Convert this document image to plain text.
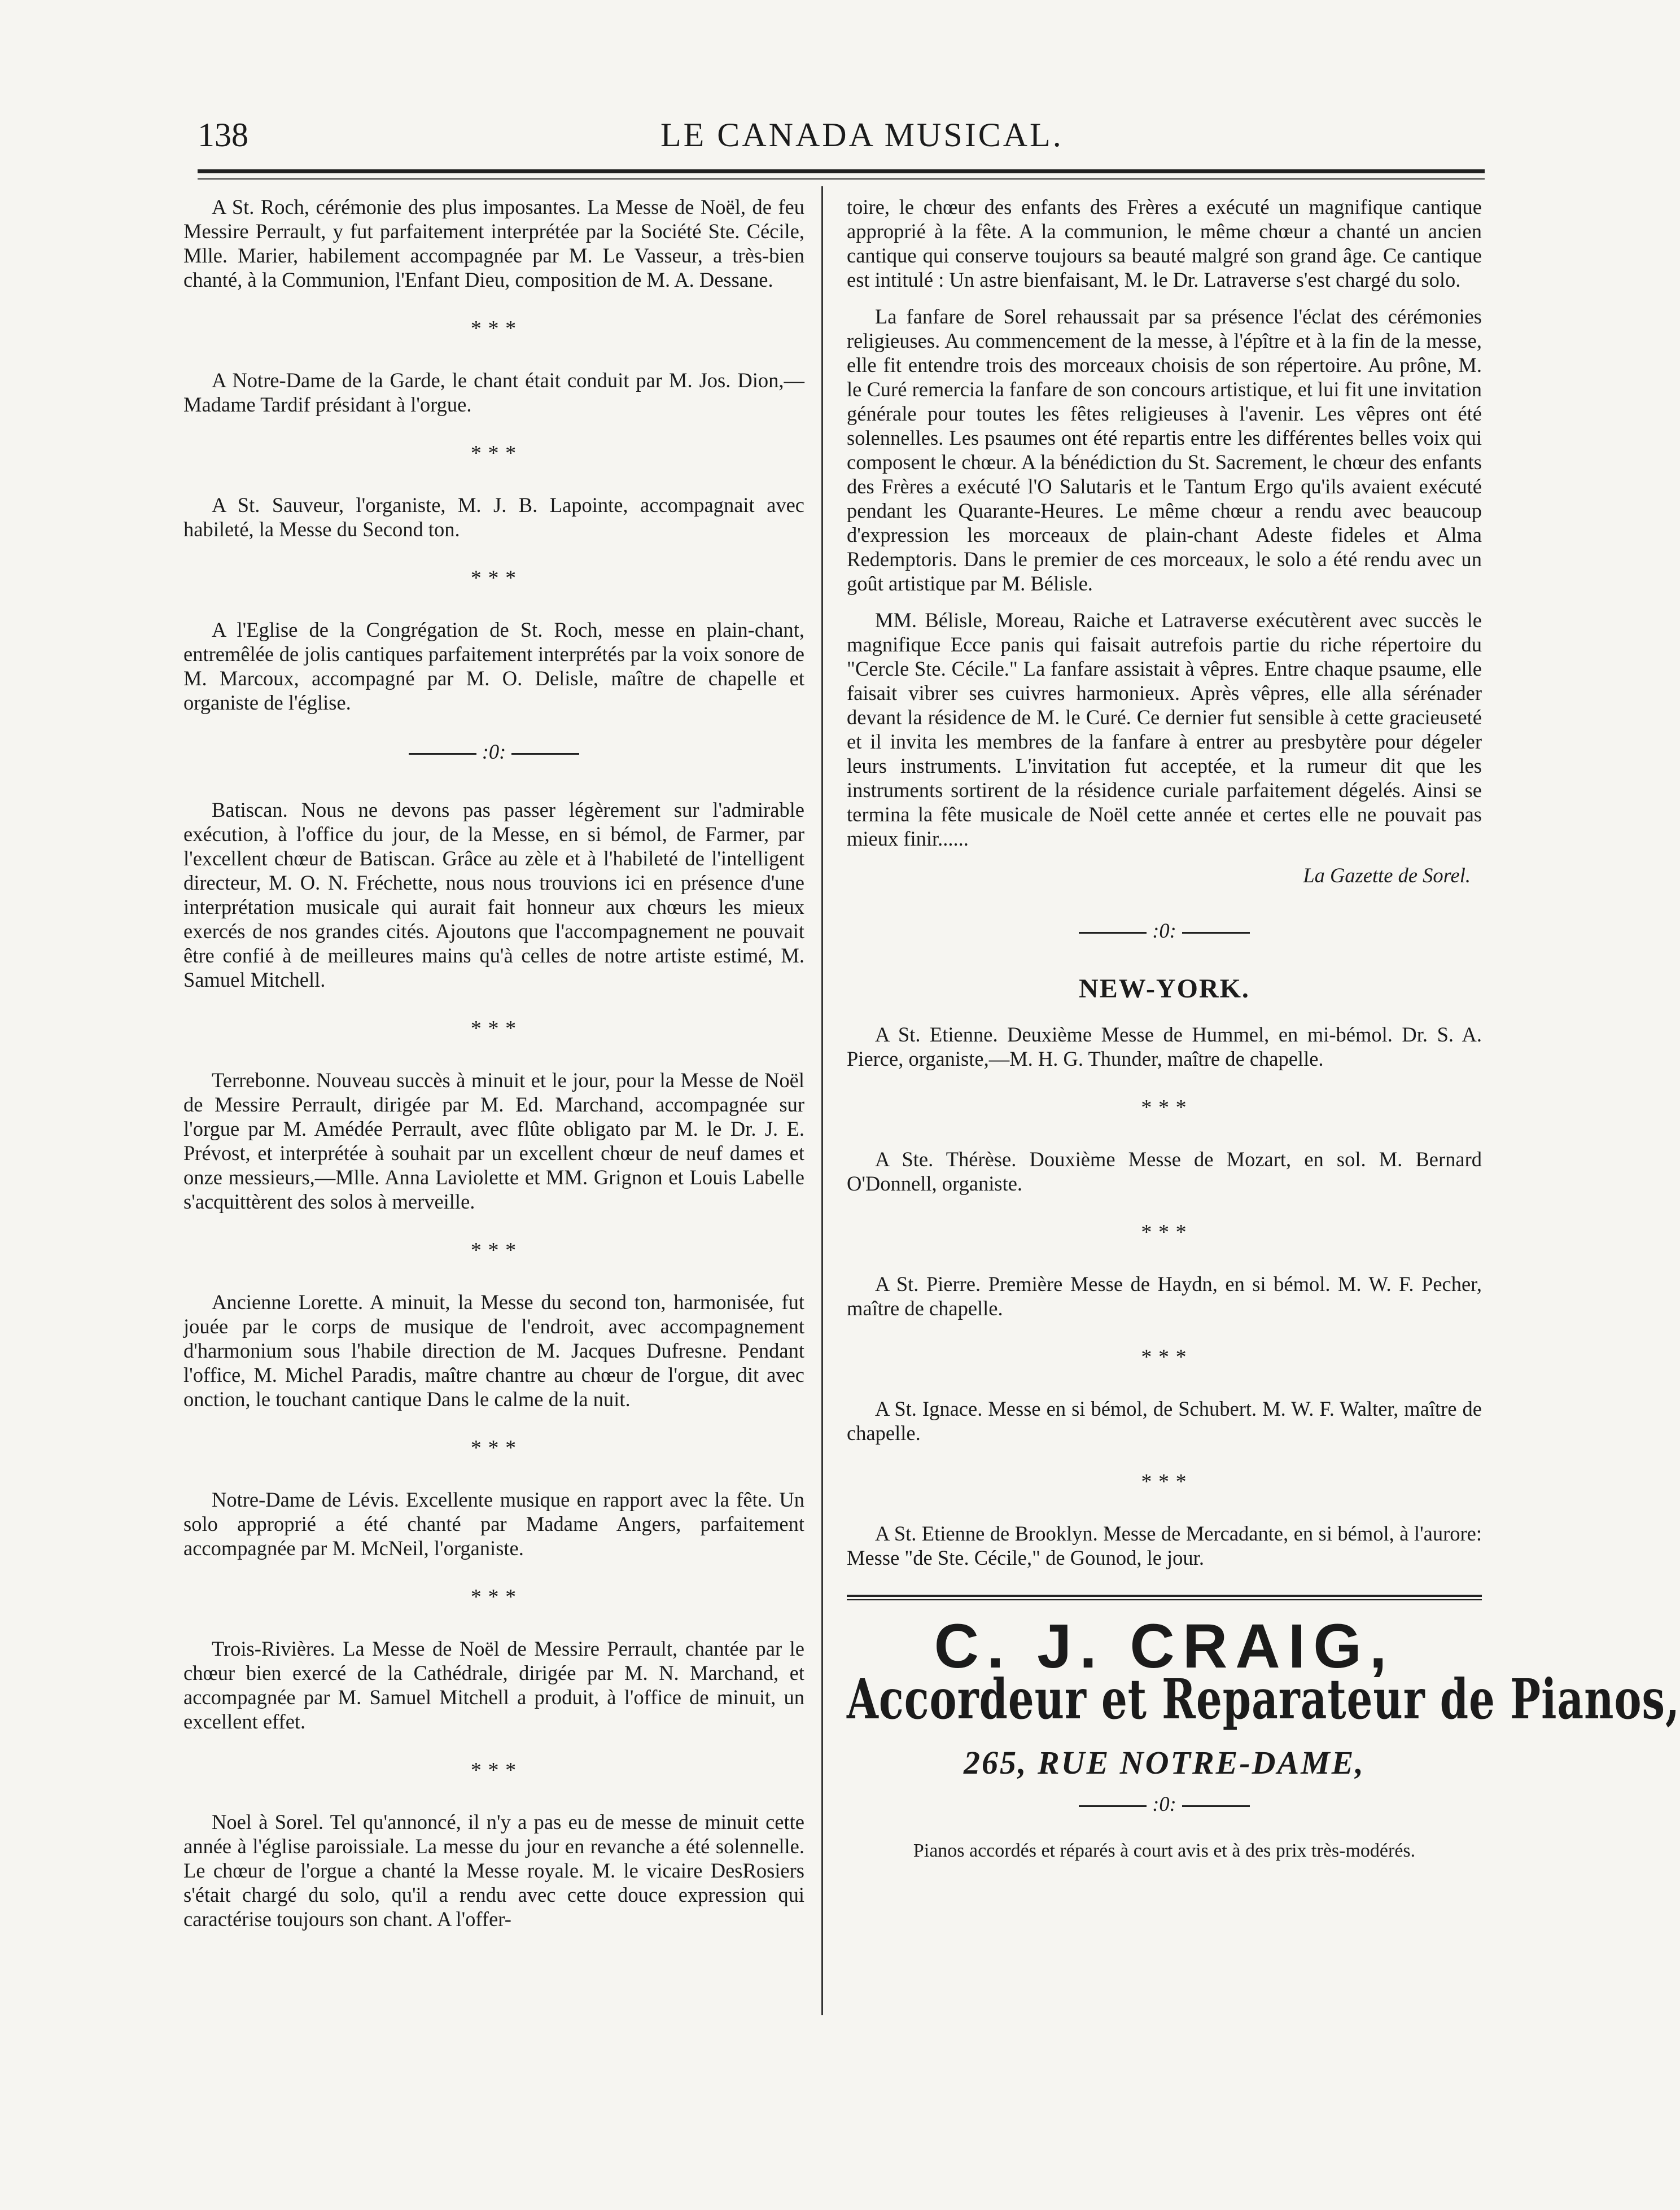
138	LE CANADA MUSICAL.

A St. Roch, cérémonie des plus imposantes. La Messe de Noël, de feu Messire Perrault, y fut parfaitement interprétée par la Société Ste. Cécile, Mlle. Marier, habilement accompagnée par M. Le Vasseur, a très-bien chanté, à la Communion, l'Enfant Dieu, composition de M. A. Dessane.

* * *

A Notre-Dame de la Garde, le chant était conduit par M. Jos. Dion,—Madame Tardif présidant à l'orgue.

* * *

A St. Sauveur, l'organiste, M. J. B. Lapointe, accompagnait avec habileté, la Messe du Second ton.

* * *

A l'Eglise de la Congrégation de St. Roch, messe en plain-chant, entremêlée de jolis cantiques parfaitement interprétés par la voix sonore de M. Marcoux, accompagné par M. O. Delisle, maître de chapelle et organiste de l'église.

:0:

Batiscan. Nous ne devons pas passer légèrement sur l'admirable exécution, à l'office du jour, de la Messe, en si bémol, de Farmer, par l'excellent chœur de Batiscan. Grâce au zèle et à l'habileté de l'intelligent directeur, M. O. N. Fréchette, nous nous trouvions ici en présence d'une interprétation musicale qui aurait fait honneur aux chœurs les mieux exercés de nos grandes cités. Ajoutons que l'accompagnement ne pouvait être confié à de meilleures mains qu'à celles de notre artiste estimé, M. Samuel Mitchell.

* * *

Terrebonne. Nouveau succès à minuit et le jour, pour la Messe de Noël de Messire Perrault, dirigée par M. Ed. Marchand, accompagnée sur l'orgue par M. Amédée Perrault, avec flûte obligato par M. le Dr. J. E. Prévost, et interprétée à souhait par un excellent chœur de neuf dames et onze messieurs,—Mlle. Anna Laviolette et MM. Grignon et Louis Labelle s'acquittèrent des solos à merveille.

* * *

Ancienne Lorette. A minuit, la Messe du second ton, harmonisée, fut jouée par le corps de musique de l'endroit, avec accompagnement d'harmonium sous l'habile direction de M. Jacques Dufresne. Pendant l'office, M. Michel Paradis, maître chantre au chœur de l'orgue, dit avec onction, le touchant cantique Dans le calme de la nuit.

* * *

Notre-Dame de Lévis. Excellente musique en rapport avec la fête. Un solo approprié a été chanté par Madame Angers, parfaitement accompagnée par M. McNeil, l'organiste.

* * *

Trois-Rivières. La Messe de Noël de Messire Perrault, chantée par le chœur bien exercé de la Cathédrale, dirigée par M. N. Marchand, et accompagnée par M. Samuel Mitchell a produit, à l'office de minuit, un excellent effet.

* * *

Noel à Sorel. Tel qu'annoncé, il n'y a pas eu de messe de minuit cette année à l'église paroissiale. La messe du jour en revanche a été solennelle. Le chœur de l'orgue a chanté la Messe royale. M. le vicaire DesRosiers s'était chargé du solo, qu'il a rendu avec cette douce expression qui caractérise toujours son chant. A l'offer-

toire, le chœur des enfants des Frères a exécuté un magnifique cantique approprié à la fête. A la communion, le même chœur a chanté un ancien cantique qui conserve toujours sa beauté malgré son grand âge. Ce cantique est intitulé : Un astre bienfaisant, M. le Dr. Latraverse s'est chargé du solo.

La fanfare de Sorel rehaussait par sa présence l'éclat des cérémonies religieuses. Au commencement de la messe, à l'épître et à la fin de la messe, elle fit entendre trois des morceaux choisis de son répertoire. Au prône, M. le Curé remercia la fanfare de son concours artistique, et lui fit une invitation générale pour toutes les fêtes religieuses à l'avenir. Les vêpres ont été solennelles. Les psaumes ont été repartis entre les différentes belles voix qui composent le chœur. A la bénédiction du St. Sacrement, le chœur des enfants des Frères a exécuté l'O Salutaris et le Tantum Ergo qu'ils avaient exécuté pendant les Quarante-Heures. Le même chœur a rendu avec beaucoup d'expression les morceaux de plain-chant Adeste fideles et Alma Redemptoris. Dans le premier de ces morceaux, le solo a été rendu avec un goût artistique par M. Bélisle.

MM. Bélisle, Moreau, Raiche et Latraverse exécutèrent avec succès le magnifique Ecce panis qui faisait autrefois partie du riche répertoire du "Cercle Ste. Cécile." La fanfare assistait à vêpres. Entre chaque psaume, elle faisait vibrer ses cuivres harmonieux. Après vêpres, elle alla sérénader devant la résidence de M. le Curé. Ce dernier fut sensible à cette gracieuseté et il invita les membres de la fanfare à entrer au presbytère pour dégeler leurs instruments. L'invitation fut acceptée, et la rumeur dit que les instruments sortirent de la résidence curiale parfaitement dégelés. Ainsi se termina la fête musicale de Noël cette année et certes elle ne pouvait pas mieux finir......

La Gazette de Sorel.
:0:
NEW-YORK.

A St. Etienne. Deuxième Messe de Hummel, en mi-bémol. Dr. S. A. Pierce, organiste,—M. H. G. Thunder, maître de chapelle.

* * *

A Ste. Thérèse. Douxième Messe de Mozart, en sol. M. Bernard O'Donnell, organiste.

* * *

A St. Pierre. Première Messe de Haydn, en si bémol. M. W. F. Pecher, maître de chapelle.

* * *

A St. Ignace. Messe en si bémol, de Schubert. M. W. F. Walter, maître de chapelle.

* * *

A St. Etienne de Brooklyn. Messe de Mercadante, en si bémol, à l'aurore: Messe "de Ste. Cécile," de Gounod, le jour.

C. J. CRAIG,
Accordeur et Reparateur de Pianos,
265, RUE NOTRE-DAME,
:0:
Pianos accordés et réparés à court avis et à des prix très-modérés.
